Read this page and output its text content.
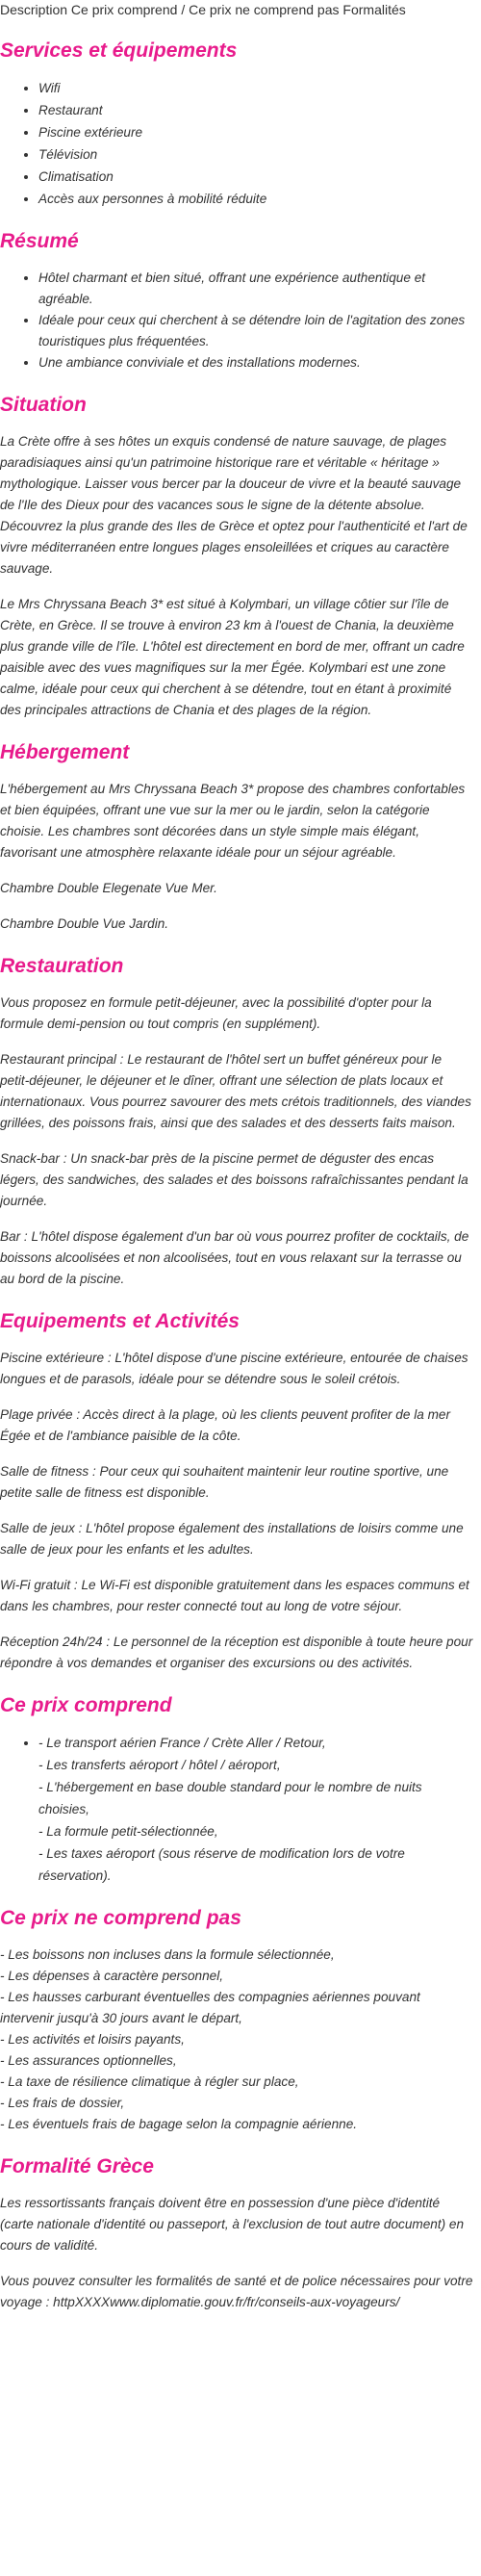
Description Ce prix comprend / Ce prix ne comprend pas Formalités
Services et équipements
• Wifi
• Restaurant
• Piscine extérieure
• Télévision
• Climatisation
• Accès aux personnes à mobilité réduite
Résumé
• Hôtel charmant et bien situé, offrant une expérience authentique et agréable.
• Idéale pour ceux qui cherchent à se détendre loin de l'agitation des zones touristiques plus fréquentées.
• Une ambiance conviviale et des installations modernes.
Situation

La Crète offre à ses hôtes un exquis condensé de nature sauvage, de plages paradisiaques ainsi qu'un patrimoine historique rare et véritable « héritage » mythologique. Laisser vous bercer par la douceur de vivre et la beauté sauvage de l'Ile des Dieux pour des vacances sous le signe de la détente absolue. Découvrez la plus grande des Iles de Grèce et optez pour l'authenticité et l'art de vivre méditerranéen entre longues plages ensoleillées et criques au caractère sauvage.

Le Mrs Chryssana Beach 3* est situé à Kolymbari, un village côtier sur l'île de Crète, en Grèce. Il se trouve à environ 23 km à l'ouest de Chania, la deuxième plus grande ville de l'île. L'hôtel est directement en bord de mer, offrant un cadre paisible avec des vues magnifiques sur la mer Égée. Kolymbari est une zone calme, idéale pour ceux qui cherchent à se détendre, tout en étant à proximité des principales attractions de Chania et des plages de la région.

Hébergement

L'hébergement au Mrs Chryssana Beach 3* propose des chambres confortables et bien équipées, offrant une vue sur la mer ou le jardin, selon la catégorie choisie. Les chambres sont décorées dans un style simple mais élégant, favorisant une atmosphère relaxante idéale pour un séjour agréable.

Chambre Double Elegenate Vue Mer.

Chambre Double Vue Jardin.

Restauration

Vous proposez en formule petit-déjeuner, avec la possibilité d'opter pour la formule demi-pension ou tout compris (en supplément).

Restaurant principal : Le restaurant de l'hôtel sert un buffet généreux pour le petit-déjeuner, le déjeuner et le dîner, offrant une sélection de plats locaux et internationaux. Vous pourrez savourer des mets crétois traditionnels, des viandes grillées, des poissons frais, ainsi que des salades et des desserts faits maison.

Snack-bar : Un snack-bar près de la piscine permet de déguster des encas légers, des sandwiches, des salades et des boissons rafraîchissantes pendant la journée.

Bar : L'hôtel dispose également d'un bar où vous pourrez profiter de cocktails, de boissons alcoolisées et non alcoolisées, tout en vous relaxant sur la terrasse ou au bord de la piscine.

Equipements et Activités

Piscine extérieure : L'hôtel dispose d'une piscine extérieure, entourée de chaises longues et de parasols, idéale pour se détendre sous le soleil crétois.

Plage privée : Accès direct à la plage, où les clients peuvent profiter de la mer Égée et de l'ambiance paisible de la côte.

Salle de fitness : Pour ceux qui souhaitent maintenir leur routine sportive, une petite salle de fitness est disponible.

Salle de jeux : L'hôtel propose également des installations de loisirs comme une salle de jeux pour les enfants et les adultes.

Wi-Fi gratuit : Le Wi-Fi est disponible gratuitement dans les espaces communs et dans les chambres, pour rester connecté tout au long de votre séjour.

Réception 24h/24 : Le personnel de la réception est disponible à toute heure pour répondre à vos demandes et organiser des excursions ou des activités.

Ce prix comprend
• - Le transport aérien France / Crète Aller / Retour,
- Les transferts aéroport / hôtel / aéroport,
- L'hébergement en base double standard pour le nombre de nuits choisies,
- La formule petit-sélectionnée,
- Les taxes aéroport (sous réserve de modification lors de votre réservation).
Ce prix ne comprend pas

- Les boissons non incluses dans la formule sélectionnée,
- Les dépenses à caractère personnel,
- Les hausses carburant éventuelles des compagnies aériennes pouvant intervenir jusqu'à 30 jours avant le départ,
- Les activités et loisirs payants,
- Les assurances optionnelles,
- La taxe de résilience climatique à régler sur place,
- Les frais de dossier,
- Les éventuels frais de bagage selon la compagnie aérienne.

Formalité Grèce

Les ressortissants français doivent être en possession d'une pièce d'identité (carte nationale d'identité ou passeport, à l'exclusion de tout autre document) en cours de validité.

Vous pouvez consulter les formalités de santé et de police nécessaires pour votre voyage : httpXXXXwww.diplomatie.gouv.fr/fr/conseils-aux-voyageurs/
